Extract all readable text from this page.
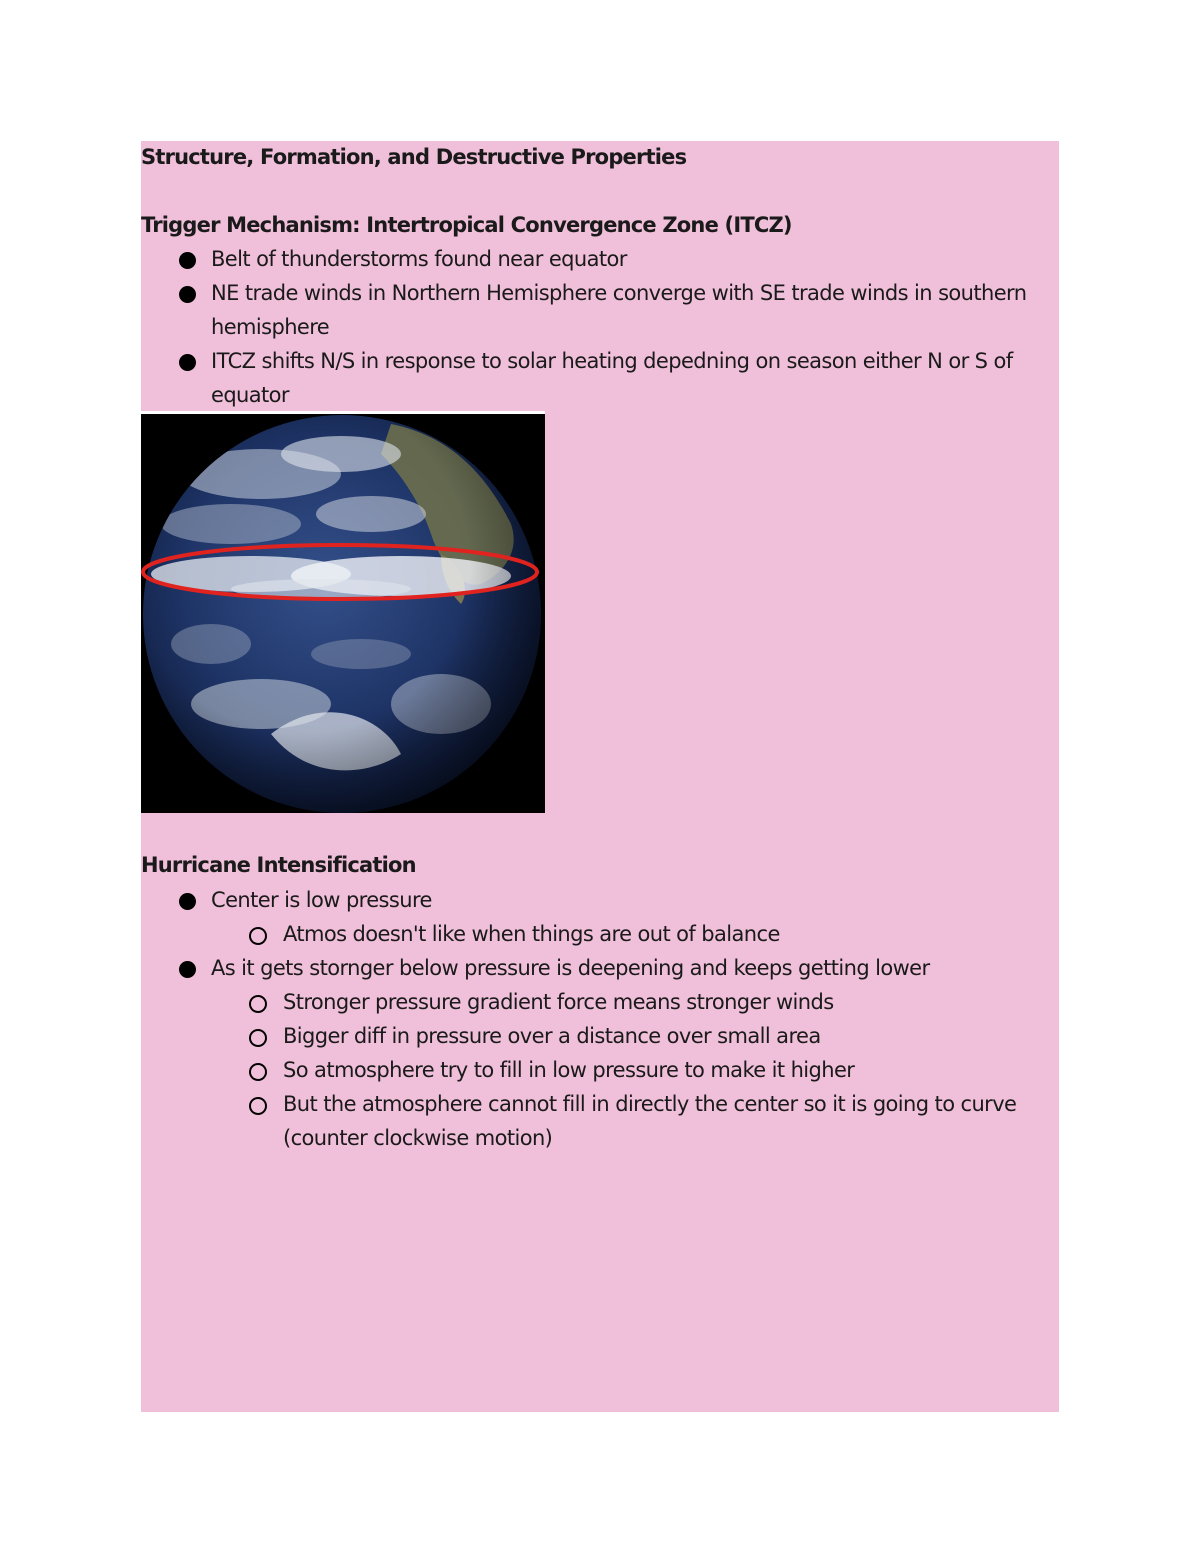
Structure, Formation, and Destructive Properties
Trigger Mechanism: Intertropical Convergence Zone (ITCZ)
Belt of thunderstorms found near equator
NE trade winds in Northern Hemisphere converge with SE trade winds in southern
hemisphere
ITCZ shifts N/S in response to solar heating depedning on season either N or S of
equator
Hurricane Intensification
Center is low pressure
Atmos doesn't like when things are out of balance
As it gets stornger below pressure is deepening and keeps getting lower
Stronger pressure gradient force means stronger winds
Bigger diff in pressure over a distance over small area
So atmosphere try to fill in low pressure to make it higher
But the atmosphere cannot fill in directly the center so it is going to curve
(counter clockwise motion)
